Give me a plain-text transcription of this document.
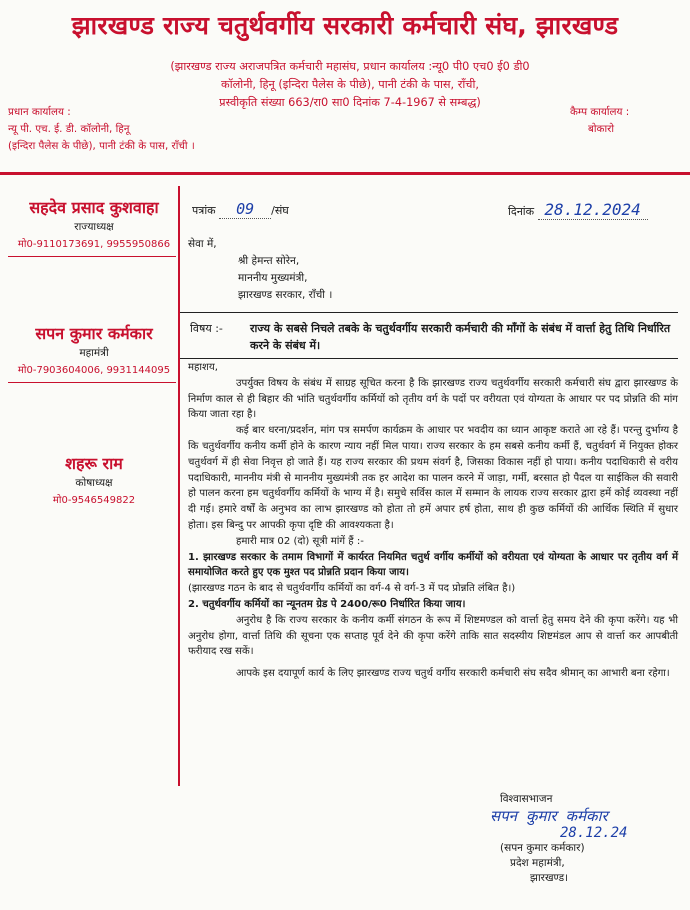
झारखण्ड राज्य चतुर्थवर्गीय सरकारी कर्मचारी संघ, झारखण्ड
(झारखण्ड राज्य अराजपत्रित कर्मचारी महासंघ, प्रधान कार्यालय :न्यू0 पी0 एच0 ई0 डी0
कॉलोनी, हिनू (इन्दिरा पैलेस के पीछे), पानी टंकी के पास, राँची,
प्रस्वीकृति संख्या 663/रा0 सा0 दिनांक 7-4-1967 से सम्बद्ध)
प्रधान कार्यालय :
न्यू पी. एच. ई. डी. कॉलोनी, हिनू
(इन्दिरा पैलेस के पीछे), पानी टंकी के पास, राँची ।
कैम्प कार्यालय :
बोकारो
सहदेव प्रसाद कुशवाहा
राज्याध्यक्ष
मो0-9110173691, 9955950866
सपन कुमार कर्मकार
महामंत्री
मो0-7903604006, 9931144095
शहरू राम
कोषाध्यक्ष
मो0-9546549822
पत्रांक 09 /संघ	दिनांक 28.12.2024
सेवा में,
श्री हेमन्त सोरेन,
माननीय मुख्यमंत्री,
झारखण्ड सरकार, राँची ।
विषय :-	राज्य के सबसे निचले तबके के चतुर्थवर्गीय सरकारी कर्मचारी की माँगों के संबंध में वार्त्ता हेतु तिथि निर्धारित करने के संबंध में।

महाशय,

उपर्युक्त विषय के संबंध में साग्रह सूचित करना है कि झारखण्ड राज्य चतुर्थवर्गीय सरकारी कर्मचारी संघ द्वारा झारखण्ड के निर्माण काल से ही बिहार की भांति चतुर्थवर्गीय कर्मियों को तृतीय वर्ग के पदों पर वरीयता एवं योग्यता के आधार पर पद प्रोन्नति की मांग किया जाता रहा है।

कई बार धरना/प्रदर्शन, मांग पत्र समर्पण कार्यक्रम के आधार पर भवदीय का ध्यान आकृष्ट कराते आ रहे हैं। परन्तु दुर्भाग्य है कि चतुर्थवर्गीय कनीय कर्मी होने के कारण न्याय नहीं मिल पाया। राज्य सरकार के हम सबसे कनीय कर्मी हैं, चतुर्थवर्ग में नियुक्त होकर चतुर्थवर्ग में ही सेवा निवृत्त हो जाते हैं। यह राज्य सरकार की प्रथम संवर्ग है, जिसका विकास नहीं हो पाया। कनीय पदाधिकारी से वरीय पदाधिकारी, माननीय मंत्री से माननीय मुख्यमंत्री तक हर आदेश का पालन करने में जाड़ा, गर्मी, बरसात हो पैदल या साईकिल की सवारी हो पालन करना हम चतुर्थवर्गीय कर्मियों के भाग्य में है। समुचे सर्विस काल में सम्मान के लायक राज्य सरकार द्वारा हमें कोई व्यवस्था नहीं दी गई। हमारे वर्षों के अनुभव का लाभ झारखण्ड को होता तो हमें अपार हर्ष होता, साथ ही कुछ कर्मियों की आर्थिक स्थिति में सुधार होता। इस बिन्दु पर आपकी कृपा दृष्टि की आवश्यकता है।

हमारी मात्र 02 (दो) सूत्री मांगें हैं :-

1. झारखण्ड सरकार के तमाम विभागों में कार्यरत नियमित चतुर्थ वर्गीय कर्मीयों को वरीयता एवं योग्यता के आधार पर तृतीय वर्ग में समायोजित करते हुए एक मुश्त पद प्रोन्नति प्रदान किया जाय।

(झारखण्ड गठन के बाद से चतुर्थवर्गीय कर्मियों का वर्ग-4 से वर्ग-3 में पद प्रोन्नति लंबित है।)

2. चतुर्थवर्गीय कर्मियों का न्यूनतम ग्रेड पे 2400/रू0 निर्धारित किया जाय।

अनुरोध है कि राज्य सरकार के कनीय कर्मी संगठन के रूप में शिष्टमण्डल को वार्त्ता हेतु समय देने की कृपा करेंगे। यह भी अनुरोध होगा, वार्त्ता तिथि की सूचना एक सप्ताह पूर्व देने की कृपा करेंगे ताकि सात सदस्यीय शिष्टमंडल आप से वार्त्ता कर आपबीती फरीयाद रख सकें।

आपके इस दयापूर्ण कार्य के लिए झारखण्ड राज्य चतुर्थ वर्गीय सरकारी कर्मचारी संघ सदैव श्रीमान् का आभारी बना रहेगा।

विश्वासभाजन
सपन कुमार कर्मकार
28.12.24
(सपन कुमार कर्मकार)
प्रदेश महामंत्री,
झारखण्ड।
